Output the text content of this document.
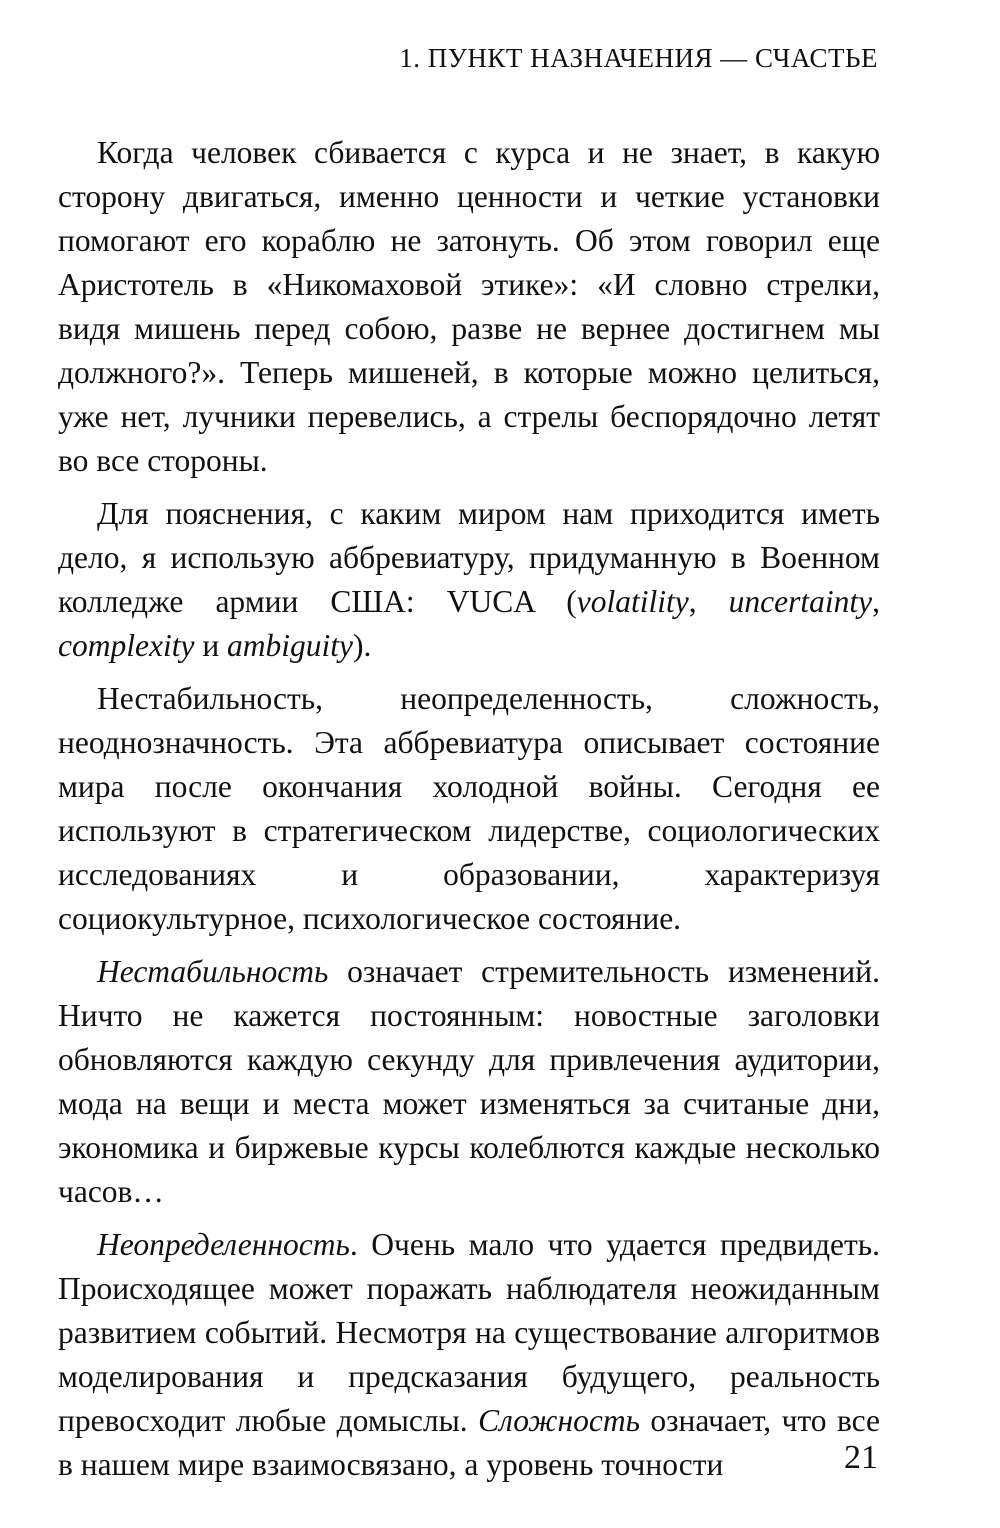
1. ПУНКТ НАЗНАЧЕНИЯ — СЧАСТЬЕ

Когда человек сбивается с курса и не знает, в какую сторону двигаться, именно ценности и четкие установки помогают его кораблю не затонуть. Об этом говорил еще Аристотель в «Никомаховой этике»: «И словно стрелки, видя мишень перед собою, разве не вернее достигнем мы должного?». Теперь мишеней, в которые можно целиться, уже нет, лучники перевелись, а стрелы беспорядочно летят во все стороны.

Для пояснения, с каким миром нам приходится иметь дело, я использую аббревиатуру, придуманную в Военном колледже армии США: VUCA (volatility, uncertainty, complexity и ambiguity).

Нестабильность, неопределенность, сложность, неоднозначность. Эта аббревиатура описывает состояние мира после окончания холодной войны. Сегодня ее используют в стратегическом лидерстве, социологических исследованиях и образовании, характеризуя социокультурное, психологическое состояние.

Нестабильность означает стремительность изменений. Ничто не кажется постоянным: новостные заголовки обновляются каждую секунду для привлечения аудитории, мода на вещи и места может изменяться за считаные дни, экономика и биржевые курсы колеблются каждые несколько часов…

Неопределенность. Очень мало что удается предвидеть. Происходящее может поражать наблюдателя неожиданным развитием событий. Несмотря на существование алгоритмов моделирования и предсказания будущего, реальность превосходит любые домыслы. Сложность означает, что все в нашем мире взаимосвязано, а уровень точности	21
